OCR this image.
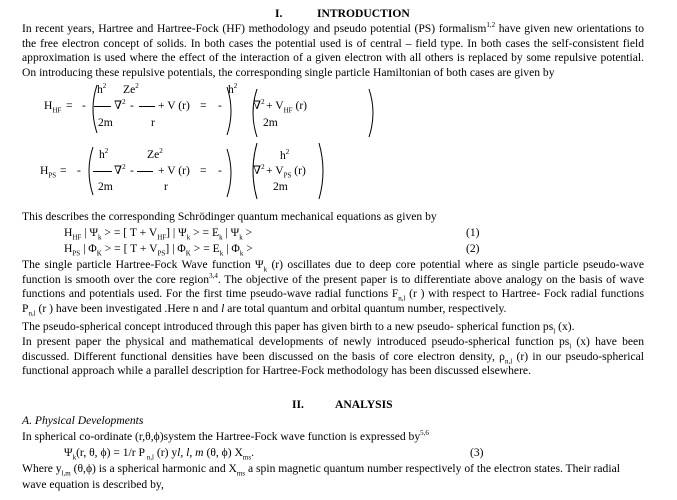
I.	INTRODUCTION
In recent years, Hartree and Hartree-Fock (HF) methodology and pseudo potential (PS) formalism$^{1,2}$ have given new orientations to the free electron concept of solids. In both cases the potential used is of central – field type. In both cases the self-consistent field approximation is used where the effect of the interaction of a given electron with all others is replaced by some repulsive potential. On introducing these repulsive potentials, the corresponding single particle Hamiltonian of both cases are given by
$H_{HF}$ = -
$h^2$ Ze$^2$
∇$^2$ - + V (r) = -
2m	r
$h^2$
$\nabla^2 + V_{HF}$ (r)
2m
$H_{PS}$ = -
$h^2$	Ze$^2$
∇$^2$ - + V (r) = -
2m	r
∇$^2$
$h^2$
+ $V_{PS}$ (r)
2m
This describes the corresponding Schrödinger quantum mechanical equations as given by
$H_{HF}$ | $\Psi_k$ > = [ $T + V_{HF}$] | $\Psi_k$ > = $E_k$ | $\Psi_k$ >	(1)
$H_{PS}$ | $\Phi_K$ > = [ $T + V_{PS}$] | $\Phi_K$ > = $E_k$ | $\Phi_k$ >	(2)
The single particle Hartree-Fock Wave function $\Psi_k$ (r) oscillates due to deep core potential where as single particle pseudo-wave function is smooth over the core region$^{3,4}$. The objective of the present paper is to differentiate above analogy on the basis of wave functions and potentials used. For the first time pseudo-wave radial functions $F_{n,l}$ (r ) with respect to Hartree- Fock radial functions $P_{n,l}$ (r ) have been investigated .Here n and l are total quantum and orbital quantum number, respectively.
The pseudo-spherical concept introduced through this paper has given birth to a new pseudo- spherical function $ps_l$ (x).
In present paper the physical and mathematical developments of newly introduced pseudo-spherical function $ps_l$ (x) have been discussed. Different functional densities have been discussed on the basis of core electron density, $\rho_{n,l}$ (r) in our pseudo-spherical functional approach while a parallel description for Hartree-Fock methodology has been discussed elsewhere.
II.	ANALYSIS
A. Physical Developments
In spherical co-ordinate (r,θ,ϕ)system the Hartree-Fock wave function is expressed by$^{5,6}$
$\Psi_k(r$, θ, ϕ) = 1/r P $_{n,l}$ (r) yl, l, m (θ, ϕ) $X_{ms}$.	(3)
Where $y_{l,m}$ (θ,ϕ) is a spherical harmonic and $X_{ms}$ a spin magnetic quantum number respectively of the electron states. Their radial
wave equation is described by,
